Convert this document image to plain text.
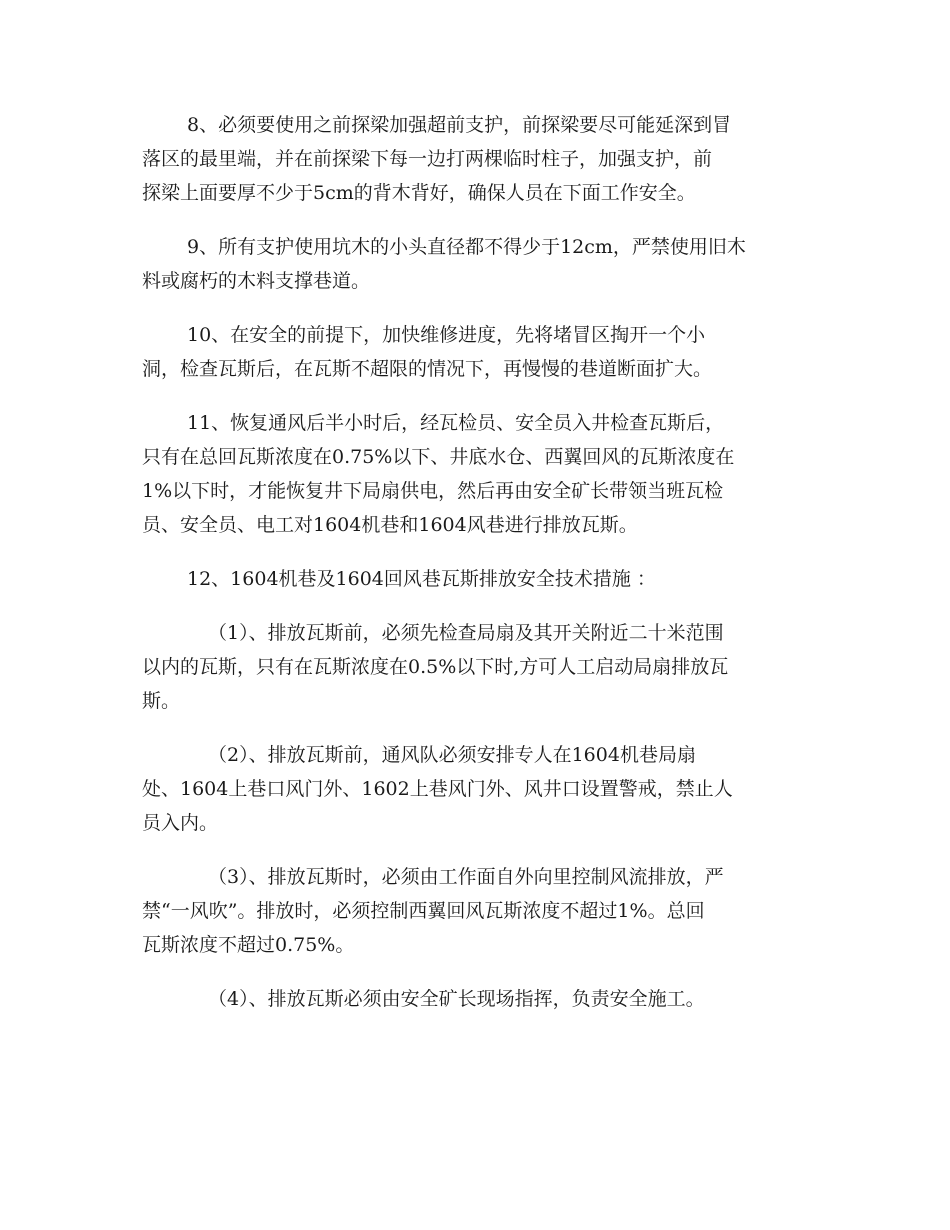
8、必须要使用之前探梁加强超前支护，前探梁要尽可能延深到冒
落区的最里端，并在前探梁下每一边打两棵临时柱子，加强支护，前
探梁上面要厚不少于5cm的背木背好，确保人员在下面工作安全。
9、所有支护使用坑木的小头直径都不得少于12cm，严禁使用旧木
料或腐朽的木料支撑巷道。
10、在安全的前提下，加快维修进度，先将堵冒区掏开一个小
洞，检查瓦斯后，在瓦斯不超限的情况下，再慢慢的巷道断面扩大。
11、恢复通风后半小时后，经瓦检员、安全员入井检查瓦斯后，
只有在总回瓦斯浓度在0.75%以下、井底水仓、西翼回风的瓦斯浓度在
1%以下时，才能恢复井下局扇供电，然后再由安全矿长带领当班瓦检
员、安全员、电工对1604机巷和1604风巷进行排放瓦斯。
12、1604机巷及1604回风巷瓦斯排放安全技术措施 ：
（1）、排放瓦斯前，必须先检查局扇及其开关附近二十米范围
以内的瓦斯，只有在瓦斯浓度在0.5%以下时,方可人工启动局扇排放瓦
斯。
（2）、排放瓦斯前，通风队必须安排专人在1604机巷局扇
处、1604上巷口风门外、1602上巷风门外、风井口设置警戒，禁止人
员入内。
（3）、排放瓦斯时，必须由工作面自外向里控制风流排放，严
禁“一风吹”。排放时，必须控制西翼回风瓦斯浓度不超过1%。总回
瓦斯浓度不超过0.75%。
（4）、排放瓦斯必须由安全矿长现场指挥，负责安全施工。
